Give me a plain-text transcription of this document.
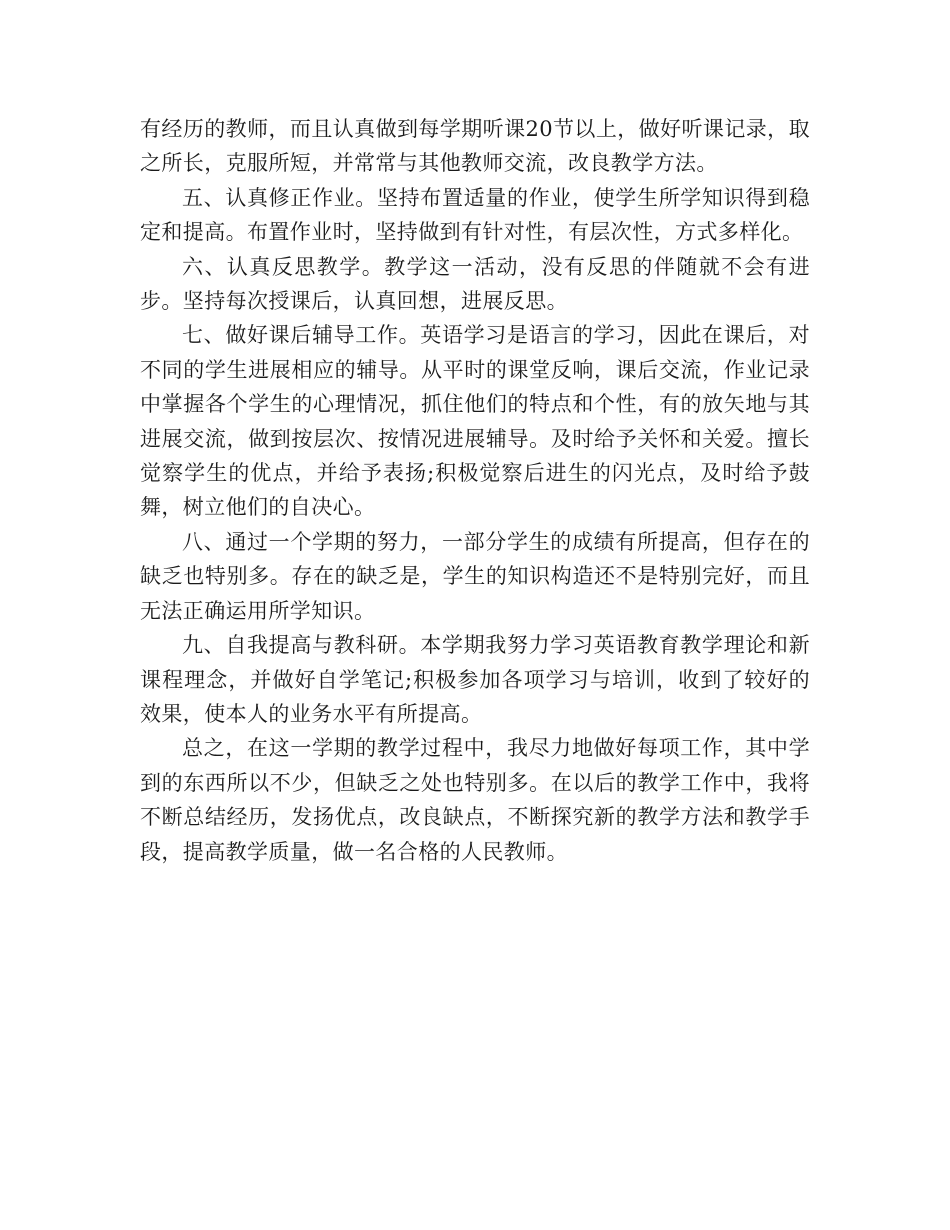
有经历的教师，而且认真做到每学期听课20节以上，做好听课记录，取之所长，克服所短，并常常与其他教师交流，改良教学方法。

五、认真修正作业。坚持布置适量的作业，使学生所学知识得到稳定和提高。布置作业时，坚持做到有针对性，有层次性，方式多样化。

六、认真反思教学。教学这一活动，没有反思的伴随就不会有进步。坚持每次授课后，认真回想，进展反思。

七、做好课后辅导工作。英语学习是语言的学习，因此在课后，对不同的学生进展相应的辅导。从平时的课堂反响，课后交流，作业记录中掌握各个学生的心理情况，抓住他们的特点和个性，有的放矢地与其进展交流，做到按层次、按情况进展辅导。及时给予关怀和关爱。擅长觉察学生的优点，并给予表扬;积极觉察后进生的闪光点，及时给予鼓舞，树立他们的自决心。

八、通过一个学期的努力，一部分学生的成绩有所提高，但存在的缺乏也特别多。存在的缺乏是，学生的知识构造还不是特别完好，而且无法正确运用所学知识。

九、自我提高与教科研。本学期我努力学习英语教育教学理论和新课程理念，并做好自学笔记;积极参加各项学习与培训，收到了较好的效果，使本人的业务水平有所提高。

总之，在这一学期的教学过程中，我尽力地做好每项工作，其中学到的东西所以不少，但缺乏之处也特别多。在以后的教学工作中，我将不断总结经历，发扬优点，改良缺点，不断探究新的教学方法和教学手段，提高教学质量，做一名合格的人民教师。
